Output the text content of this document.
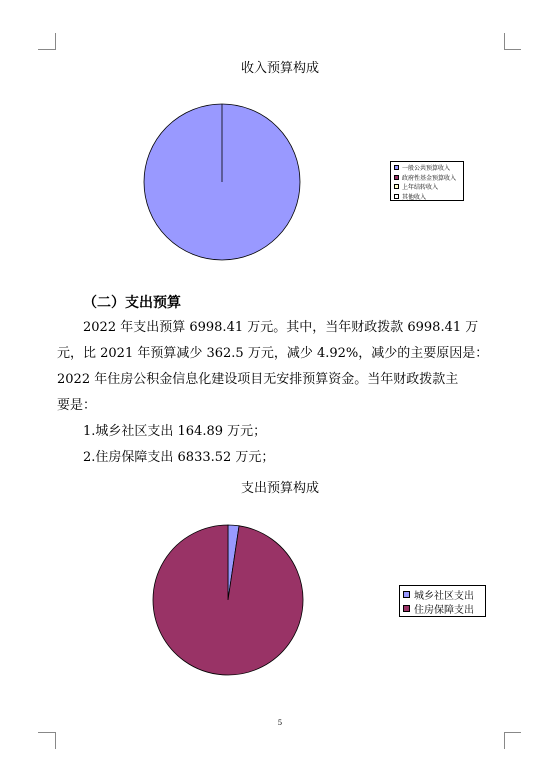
收入预算构成
一般公共预算收入
政府性基金预算收入
上年结转收入
其他收入
（二）支出预算
2022 年支出预算 6998.41 万元。其中，当年财政拨款 6998.41 万
元，比 2021 年预算减少 362.5 万元，减少 4.92%，减少的主要原因是：
2022 年住房公积金信息化建设项目无安排预算资金。当年财政拨款主
要是：
1.城乡社区支出 164.89 万元；
2.住房保障支出 6833.52 万元；
支出预算构成
城乡社区支出
住房保障支出
5
